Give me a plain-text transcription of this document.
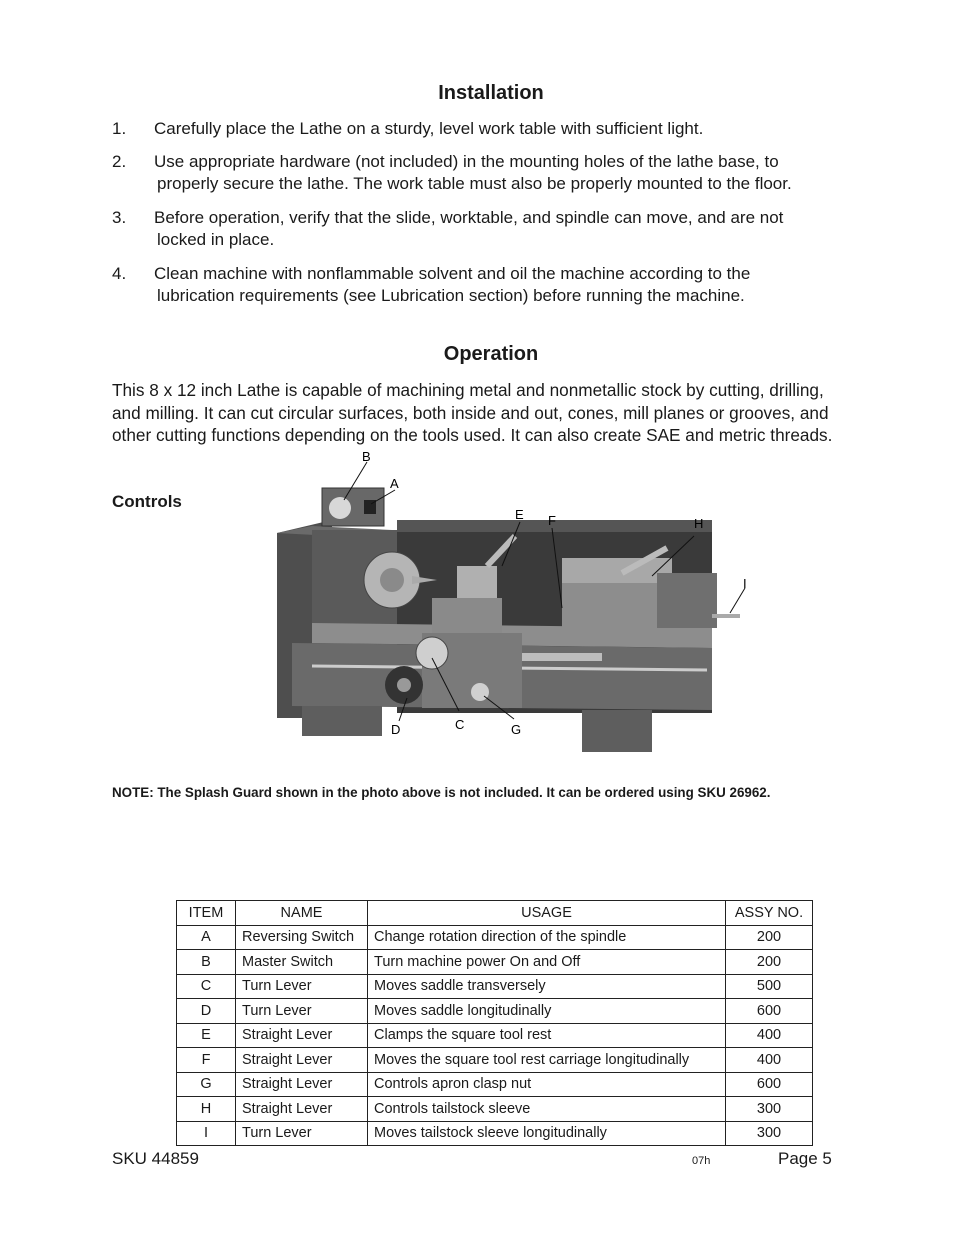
Installation
1. Carefully place the Lathe on a sturdy, level work table with sufficient light.
2. Use appropriate hardware (not included) in the mounting holes of the lathe base, to
properly secure the lathe. The work table must also be properly mounted to the floor.
3. Before operation, verify that the slide, worktable, and spindle can move, and are not
locked in place.
4. Clean machine with nonflammable solvent and oil the machine according to the
lubrication requirements (see Lubrication section) before running the machine.
Operation
This 8 x 12 inch Lathe is capable of machining metal and nonmetallic stock by cutting, drilling, and milling. It can cut circular surfaces, both inside and out, cones, mill planes or grooves, and other cutting functions depending on the tools used. It can also create SAE and metric threads.
Controls
B
A
E F	H
I
D	C	G
NOTE: The Splash Guard shown in the photo above is not included. It can be ordered using SKU 26962.
ITEM	NAME	USAGE	ASSY NO.
A	Reversing Switch	Change rotation direction of the spindle	200
B	Master Switch	Turn machine power On and Off	200
C	Turn Lever	Moves saddle transversely	500
D	Turn Lever	Moves saddle longitudinally	600
E	Straight Lever	Clamps the square tool rest	400
F	Straight Lever	Moves the square tool rest carriage longitudinally	400
G	Straight Lever	Controls apron clasp nut	600
H	Straight Lever	Controls tailstock sleeve	300
I	Turn Lever	Moves tailstock sleeve longitudinally	300
SKU 44859	07h	Page 5
